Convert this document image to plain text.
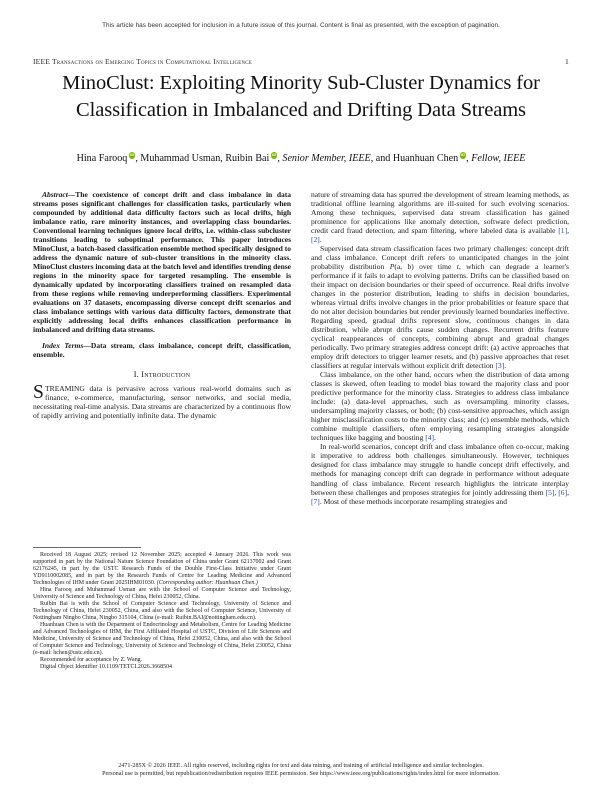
This article has been accepted for inclusion in a future issue of this journal. Content is final as presented, with the exception of pagination.
IEEE Transactions on Emerging Topics in Computational Intelligence	1
MinoClust: Exploiting Minority Sub-Cluster Dynamics for Classification in Imbalanced and Drifting Data Streams
Hina Farooq iD , Muhammad Usman, Ruibin Bai iD , Senior Member, IEEE, and Huanhuan Chen iD , Fellow, IEEE

Abstract—The coexistence of concept drift and class imbalance in data streams poses significant challenges for classification tasks, particularly when compounded by additional data difficulty factors such as local drifts, high imbalance ratio, rare minority instances, and overlapping class boundaries. Conventional learning techniques ignore local drifts, i.e. within-class subcluster transitions leading to suboptimal performance. This paper introduces MinoClust, a batch-based classification ensemble method specifically designed to address the dynamic nature of sub-cluster transitions in the minority class. MinoClust clusters incoming data at the batch level and identifies trending dense regions in the minority space for targeted resampling. The ensemble is dynamically updated by incorporating classifiers trained on resampled data from these regions while removing underperforming classifiers. Experimental evaluations on 37 datasets, encompassing diverse concept drift scenarios and class imbalance settings with various data difficulty factors, demonstrate that explicitly addressing local drifts enhances classification performance in imbalanced and drifting data streams.

Index Terms—Data stream, class imbalance, concept drift, classification, ensemble.

I. Introduction

STREAMING data is pervasive across various real-world domains such as finance, e-commerce, manufacturing, sensor networks, and social media, necessitating real-time analysis. Data streams are characterized by a continuous flow of rapidly arriving and potentially infinite data. The dynamic

nature of streaming data has spurred the development of stream learning methods, as traditional offline learning algorithms are ill-suited for such evolving scenarios. Among these techniques, supervised data stream classification has gained prominence for applications like anomaly detection, software defect prediction, credit card fraud detection, and spam filtering, where labeled data is available [1], [2].

Supervised data stream classification faces two primary challenges: concept drift and class imbalance. Concept drift refers to unanticipated changes in the joint probability distribution P(a, b) over time t, which can degrade a learner's performance if it fails to adapt to evolving patterns. Drifts can be classified based on their impact on decision boundaries or their speed of occurrence. Real drifts involve changes in the posterior distribution, leading to shifts in decision boundaries, whereas virtual drifts involve changes in the prior probabilities or feature space that do not alter decision boundaries but render previously learned boundaries ineffective. Regarding speed, gradual drifts represent slow, continuous changes in data distribution, while abrupt drifts cause sudden changes. Recurrent drifts feature cyclical reappearances of concepts, combining abrupt and gradual changes periodically. Two primary strategies address concept drift: (a) active approaches that employ drift detectors to trigger learner resets, and (b) passive approaches that reset classifiers at regular intervals without explicit drift detection [3].

Class imbalance, on the other hand, occurs when the distribution of data among classes is skewed, often leading to model bias toward the majority class and poor predictive performance for the minority class. Strategies to address class imbalance include: (a) data-level approaches, such as oversampling minority classes, undersampling majority classes, or both; (b) cost-sensitive approaches, which assign higher misclassification costs to the minority class; and (c) ensemble methods, which combine multiple classifiers, often employing resampling strategies alongside techniques like bagging and boosting [4].

In real-world scenarios, concept drift and class imbalance often co-occur, making it imperative to address both challenges simultaneously. However, techniques designed for class imbalance may struggle to handle concept drift effectively, and methods for managing concept drift can degrade in performance without adequate handling of class imbalance. Recent research highlights the intricate interplay between these challenges and proposes strategies for jointly addressing them [5], [6], [7]. Most of these methods incorporate resampling strategies and

Received 18 August 2025; revised 12 November 2025; accepted 4 January 2026. This work was supported in part by the National Nature Science Foundation of China under Grant 62137002 and Grant 62176245, in part by the USTC Research Funds of the Double First-Class Initiative under Grant YD9110002085, and in part by the Research Funds of Centre for Leading Medicine and Advanced Technologies of IHM under Grant 2025IHM01030. (Corresponding author: Huanhuan Chen.)

Hina Farooq and Muhammad Usman are with the School of Computer Science and Technology, University of Science and Technology of China, Hefei 230052, China.

Ruibin Bai is with the School of Computer Science and Technology, University of Science and Technology of China, Hefei 230052, China, and also with the School of Computer Science, University of Nottingham Ningbo China, Ningbo 315104, China (e-mail: Ruibin.BAI@nottingham.edu.cn).

Huanhuan Chen is with the Department of Endocrinology and Metabolism, Centre for Leading Medicine and Advanced Technologies of IHM, the First Affiliated Hospital of USTC, Division of Life Sciences and Medicine, University of Science and Technology of China, Hefei 230052, China, and also with the School of Computer Science and Technology, University of Science and Technology of China, Hefei 230052, China (e-mail: hchen@ustc.edu.cn).

Recommended for acceptance by Z. Wang.

Digital Object Identifier 10.1109/TETCI.2026.3668504

2471-285X © 2026 IEEE. All rights reserved, including rights for text and data mining, and training of artificial intelligence and similar technologies.
Personal use is permitted, but republication/redistribution requires IEEE permission. See https://www.ieee.org/publications/rights/index.html for more information.
